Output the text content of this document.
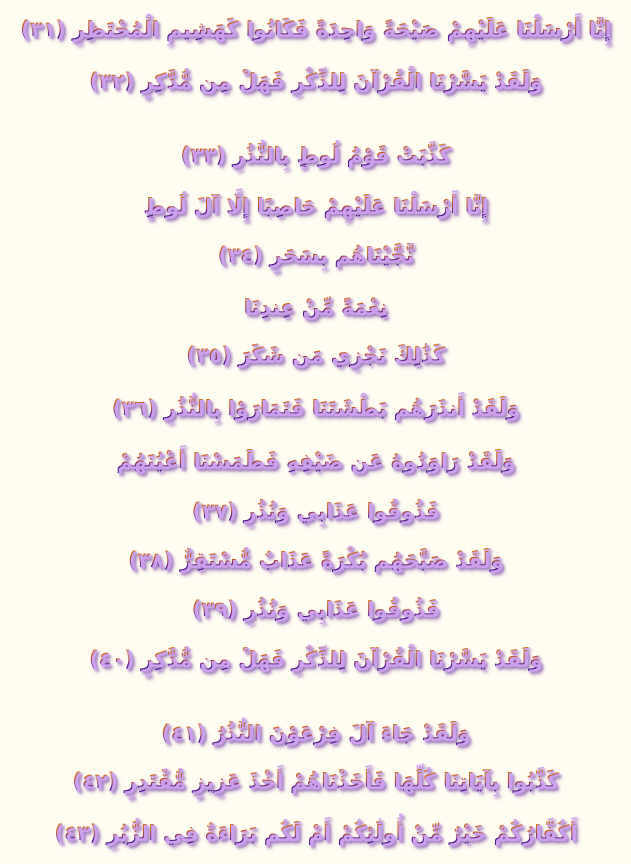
إِنَّا أَرْسَلْنَا عَلَيْهِمْ صَيْحَةً وَاحِدَةً فَكَانُوا كَهَشِيمِ الْمُحْتَظِرِ (٣١)
وَلَقَدْ يَسَّرْنَا الْقُرْآنَ لِلذِّكْرِ فَهَلْ مِن مُّدَّكِرٍ (٣٢)
كَذَّبَتْ قَوْمُ لُوطٍ بِالنُّذُرِ (٣٣)
إِنَّا أَرْسَلْنَا عَلَيْهِمْ حَاصِبًا إِلَّا آلَ لُوطٍ
نَّجَّيْنَاهُم بِسَحَرٍ (٣٤)
نِعْمَةً مِّنْ عِندِنَا
كَذَٰلِكَ نَجْزِي مَن شَكَرَ (٣٥)
وَلَقَدْ أَنذَرَهُم بَطْشَتَنَا فَتَمَارَوْا بِالنُّذُرِ (٣٦)
وَلَقَدْ رَاوَدُوهُ عَن ضَيْفِهِ فَطَمَسْنَا أَعْيُنَهُمْ
فَذُوقُوا عَذَابِي وَنُذُرِ (٣٧)
وَلَقَدْ صَبَّحَهُم بُكْرَةً عَذَابٌ مُّسْتَقِرٌّ (٣٨)
فَذُوقُوا عَذَابِي وَنُذُرِ (٣٩)
وَلَقَدْ يَسَّرْنَا الْقُرْآنَ لِلذِّكْرِ فَهَلْ مِن مُّدَّكِرٍ (٤٠)
وَلَقَدْ جَاءَ آلَ فِرْعَوْنَ النُّذُرُ (٤١)
كَذَّبُوا بِآيَاتِنَا كُلِّهَا فَأَخَذْنَاهُمْ أَخْذَ عَزِيزٍ مُّقْتَدِرٍ (٤٢)
أَكُفَّارُكُمْ خَيْرٌ مِّنْ أُولَٰئِكُمْ أَمْ لَكُم بَرَاءَةٌ فِي الزُّبُرِ (٤٣)
